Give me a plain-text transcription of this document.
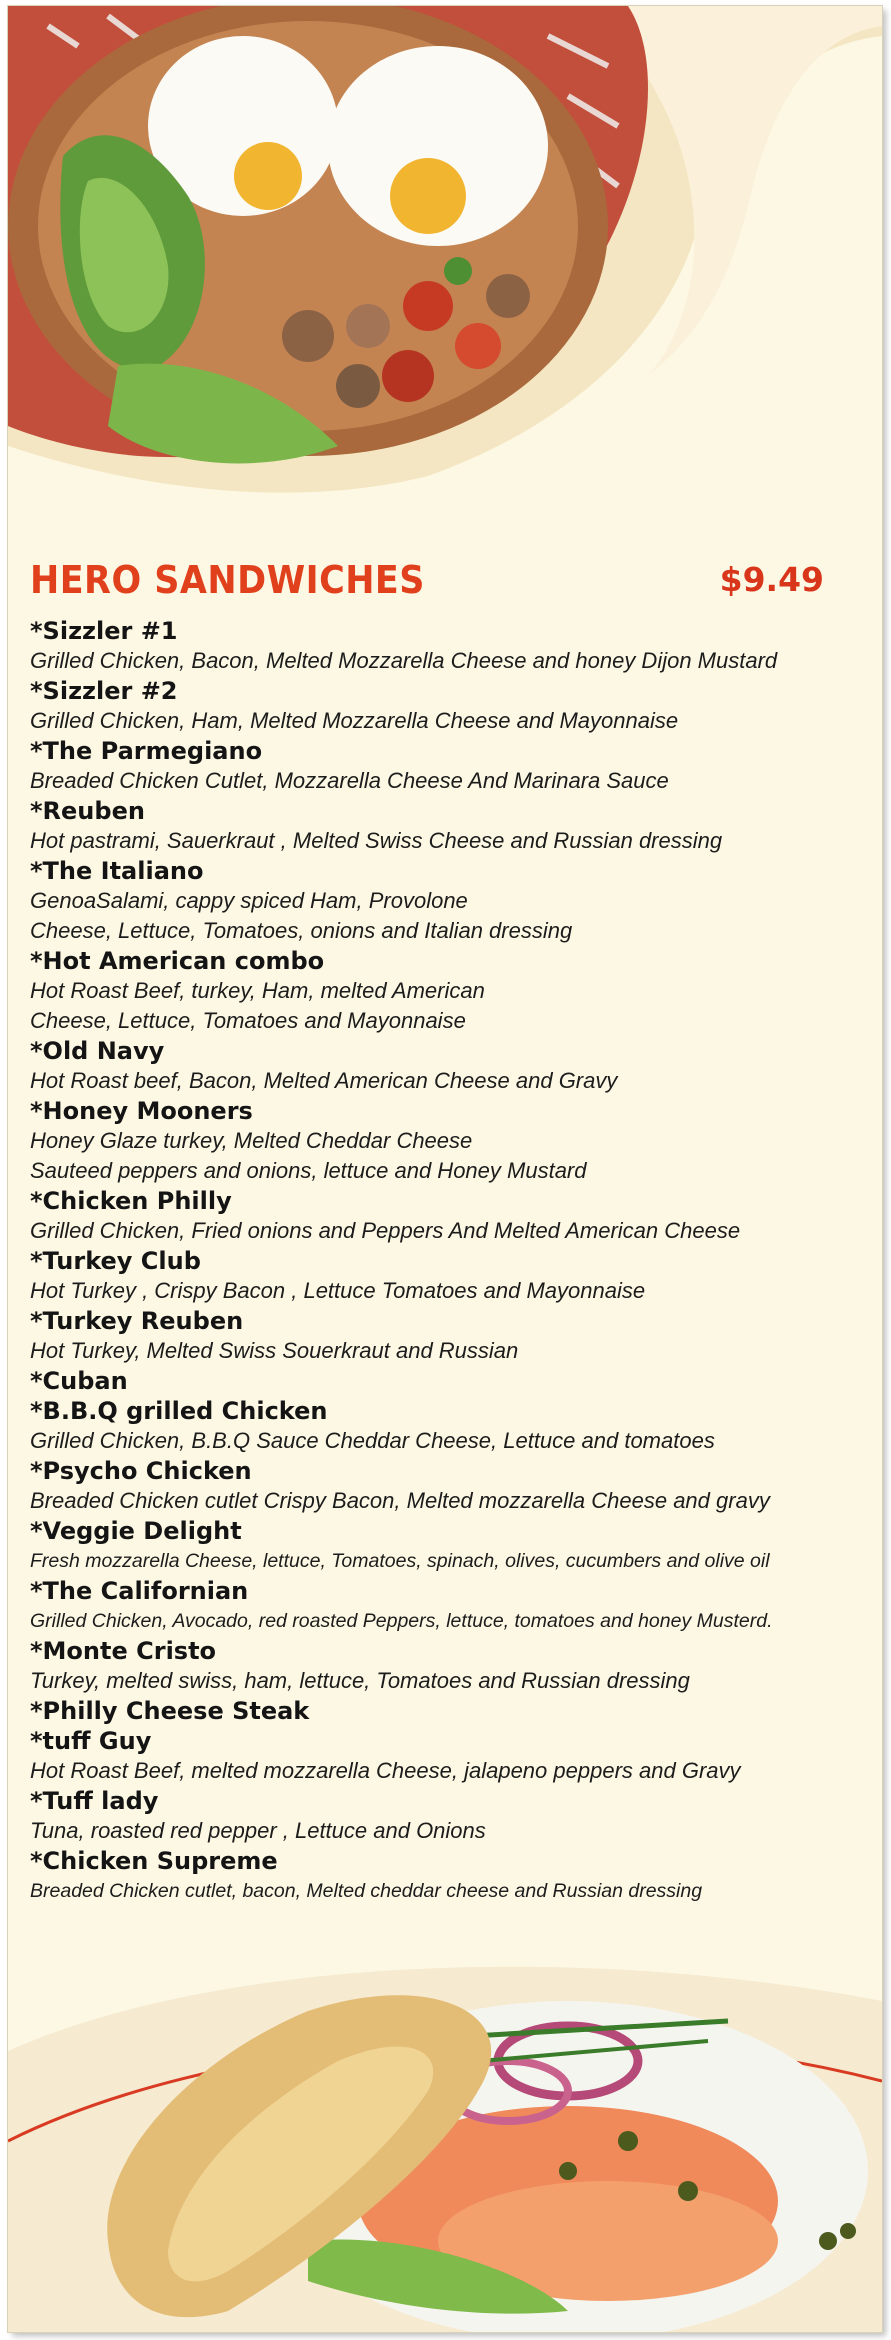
HERO SANDWICHES	$9.49
*Sizzler #1
Grilled Chicken, Bacon, Melted Mozzarella Cheese and honey Dijon Mustard
*Sizzler #2
Grilled Chicken, Ham, Melted Mozzarella Cheese and Mayonnaise
*The Parmegiano
Breaded Chicken Cutlet, Mozzarella Cheese And Marinara Sauce
*Reuben
Hot pastrami, Sauerkraut , Melted Swiss Cheese and Russian dressing
*The Italiano
GenoaSalami, cappy spiced Ham, Provolone
Cheese, Lettuce, Tomatoes, onions and Italian dressing
*Hot American combo
Hot Roast Beef, turkey, Ham, melted American
Cheese, Lettuce, Tomatoes and Mayonnaise
*Old Navy
Hot Roast beef, Bacon, Melted American Cheese and Gravy
*Honey Mooners
Honey Glaze turkey, Melted Cheddar Cheese
Sauteed peppers and onions, lettuce and Honey Mustard
*Chicken Philly
Grilled Chicken, Fried onions and Peppers And Melted American Cheese
*Turkey Club
Hot Turkey , Crispy Bacon , Lettuce Tomatoes and Mayonnaise
*Turkey Reuben
Hot Turkey, Melted Swiss Souerkraut and Russian
*Cuban
*B.B.Q grilled Chicken
Grilled Chicken, B.B.Q Sauce Cheddar Cheese, Lettuce and tomatoes
*Psycho Chicken
Breaded Chicken cutlet Crispy Bacon, Melted mozzarella Cheese and gravy
*Veggie Delight
Fresh mozzarella Cheese, lettuce, Tomatoes, spinach, olives, cucumbers and olive oil
*The Californian
Grilled Chicken, Avocado, red roasted Peppers, lettuce, tomatoes and honey Musterd.
*Monte Cristo
Turkey, melted swiss, ham, lettuce, Tomatoes and Russian dressing
*Philly Cheese Steak
*tuff Guy
Hot Roast Beef, melted mozzarella Cheese, jalapeno peppers and Gravy
*Tuff lady
Tuna, roasted red pepper , Lettuce and Onions
*Chicken Supreme
Breaded Chicken cutlet, bacon, Melted cheddar cheese and Russian dressing
